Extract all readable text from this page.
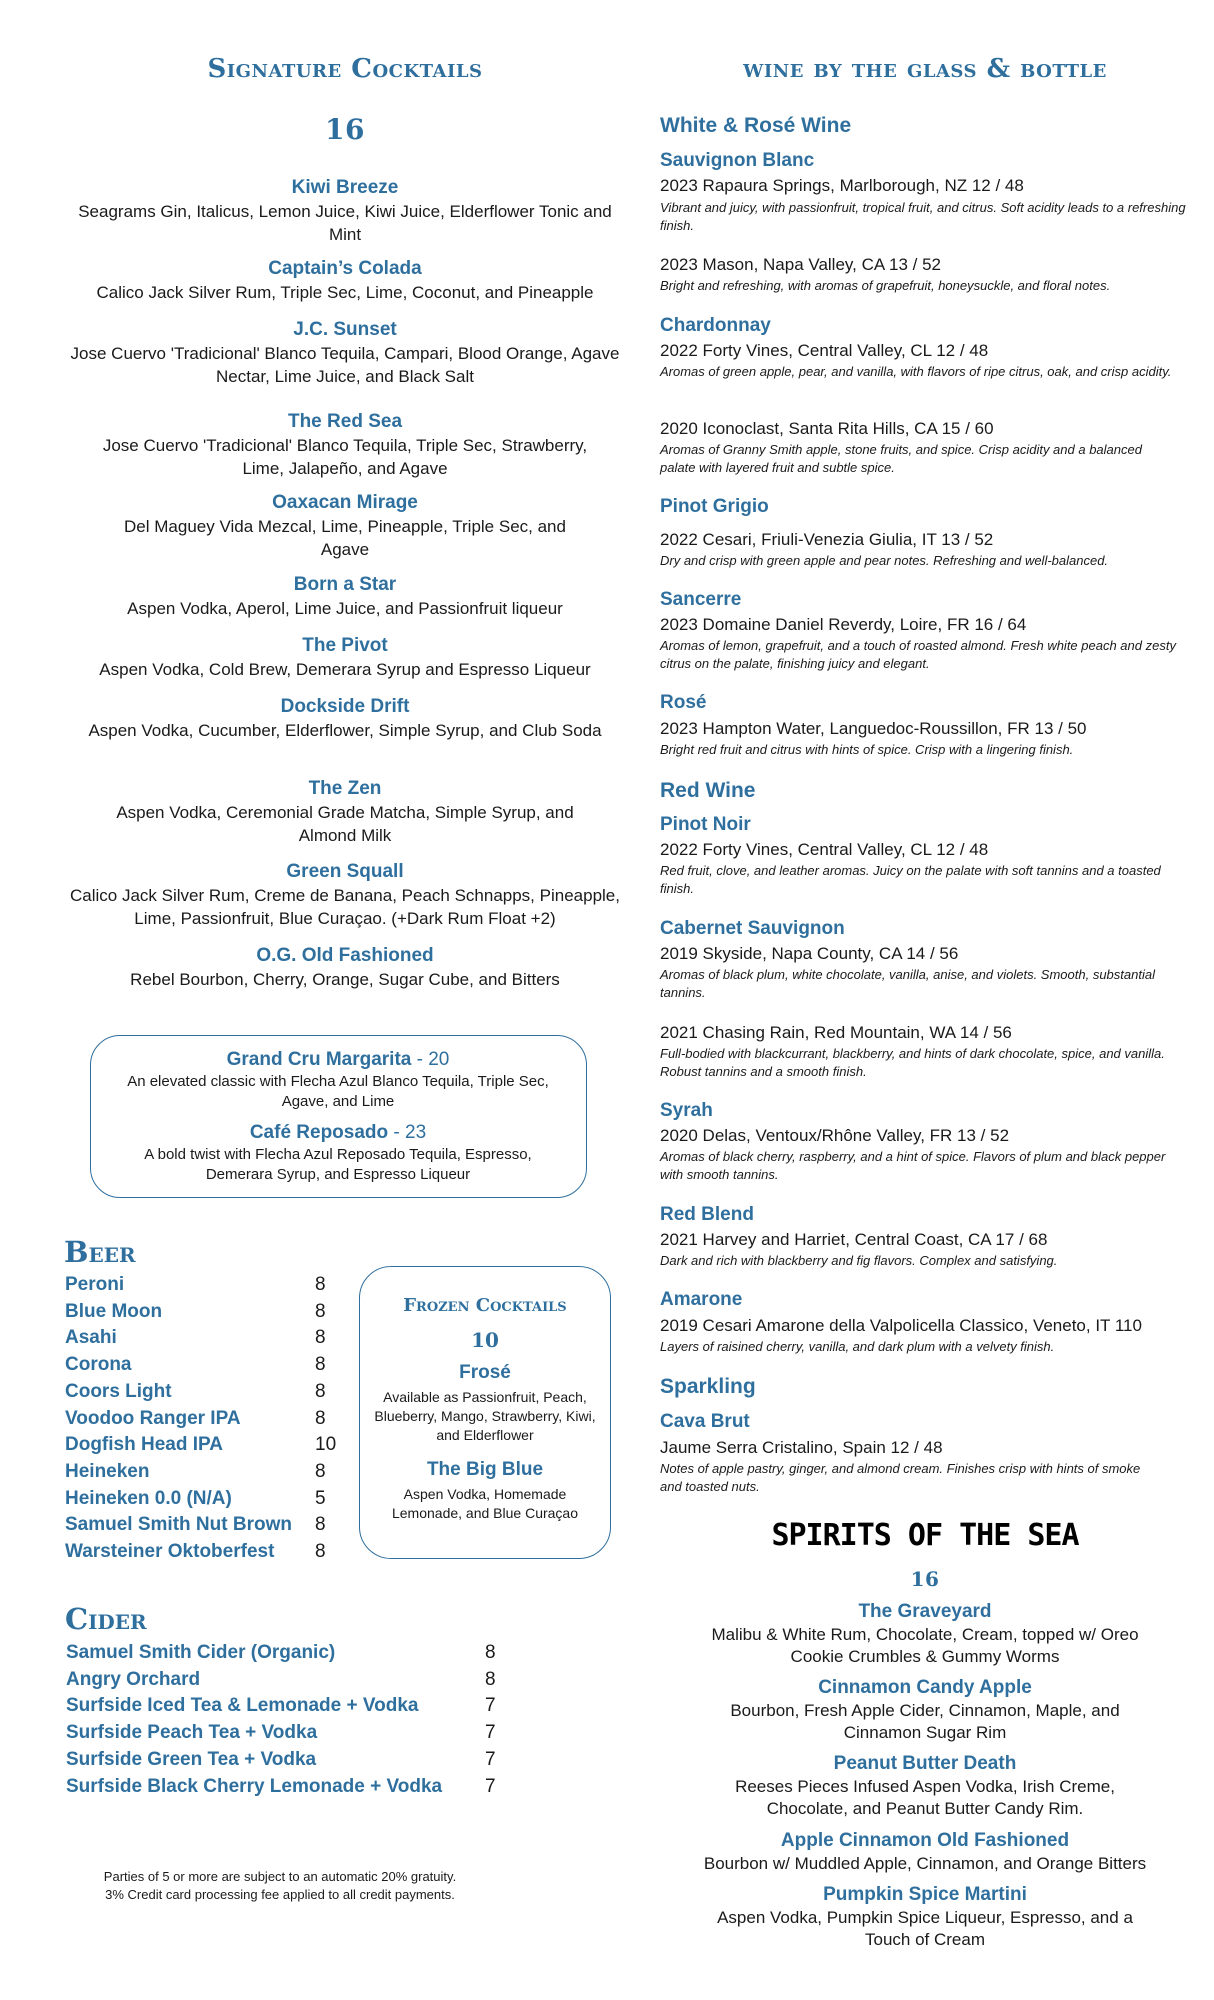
Signature Cocktails
16
Kiwi Breeze
Seagrams Gin, Italicus, Lemon Juice, Kiwi Juice, Elderflower Tonic and Mint
Captain’s Colada
Calico Jack Silver Rum, Triple Sec, Lime, Coconut, and Pineapple
J.C. Sunset
Jose Cuervo 'Tradicional' Blanco Tequila, Campari, Blood Orange, Agave Nectar, Lime Juice, and Black Salt
The Red Sea
Jose Cuervo 'Tradicional' Blanco Tequila, Triple Sec, Strawberry, Lime, Jalapeño, and Agave
Oaxacan Mirage
Del Maguey Vida Mezcal, Lime, Pineapple, Triple Sec, and Agave
Born a Star
Aspen Vodka, Aperol, Lime Juice, and Passionfruit liqueur
The Pivot
Aspen Vodka, Cold Brew, Demerara Syrup and Espresso Liqueur
Dockside Drift
Aspen Vodka, Cucumber, Elderflower, Simple Syrup, and Club Soda
The Zen
Aspen Vodka, Ceremonial Grade Matcha, Simple Syrup, and Almond Milk
Green Squall
Calico Jack Silver Rum, Creme de Banana, Peach Schnapps, Pineapple, Lime, Passionfruit, Blue Curaçao. (+Dark Rum Float +2)
O.G. Old Fashioned
Rebel Bourbon, Cherry, Orange, Sugar Cube, and Bitters
Grand Cru Margarita - 20
An elevated classic with Flecha Azul Blanco Tequila, Triple Sec, Agave, and Lime
Café Reposado - 23
A bold twist with Flecha Azul Reposado Tequila, Espresso, Demerara Syrup, and Espresso Liqueur
Beer
Peroni	8
Blue Moon	8
Asahi	8
Corona	8
Coors Light	8
Voodoo Ranger IPA	8
Dogfish Head IPA	10
Heineken	8
Heineken 0.0 (N/A)	5
Samuel Smith Nut Brown	8
Warsteiner Oktoberfest	8
Frozen Cocktails
10
Frosé
Available as Passionfruit, Peach, Blueberry, Mango, Strawberry, Kiwi, and Elderflower
The Big Blue
Aspen Vodka, Homemade Lemonade, and Blue Curaçao
Cider
Samuel Smith Cider (Organic)	8
Angry Orchard	8
Surfside Iced Tea & Lemonade + Vodka	7
Surfside Peach Tea + Vodka	7
Surfside Green Tea + Vodka	7
Surfside Black Cherry Lemonade + Vodka	7
Parties of 5 or more are subject to an automatic 20% gratuity.
3% Credit card processing fee applied to all credit payments.
wine by the glass & bottle
White & Rosé Wine
Sauvignon Blanc
2023 Rapaura Springs, Marlborough, NZ 12 / 48
Vibrant and juicy, with passionfruit, tropical fruit, and citrus. Soft acidity leads to a refreshing finish.
2023 Mason, Napa Valley, CA 13 / 52
Bright and refreshing, with aromas of grapefruit, honeysuckle, and floral notes.
Chardonnay
2022 Forty Vines, Central Valley, CL 12 / 48
Aromas of green apple, pear, and vanilla, with flavors of ripe citrus, oak, and crisp acidity.
2020 Iconoclast, Santa Rita Hills, CA 15 / 60
Aromas of Granny Smith apple, stone fruits, and spice. Crisp acidity and a balanced palate with layered fruit and subtle spice.
Pinot Grigio
2022 Cesari, Friuli-Venezia Giulia, IT 13 / 52
Dry and crisp with green apple and pear notes. Refreshing and well-balanced.
Sancerre
2023 Domaine Daniel Reverdy, Loire, FR 16 / 64
Aromas of lemon, grapefruit, and a touch of roasted almond. Fresh white peach and zesty citrus on the palate, finishing juicy and elegant.
Rosé
2023 Hampton Water, Languedoc-Roussillon, FR 13 / 50
Bright red fruit and citrus with hints of spice. Crisp with a lingering finish.
Red Wine
Pinot Noir
2022 Forty Vines, Central Valley, CL 12 / 48
Red fruit, clove, and leather aromas. Juicy on the palate with soft tannins and a toasted finish.
Cabernet Sauvignon
2019 Skyside, Napa County, CA 14 / 56
Aromas of black plum, white chocolate, vanilla, anise, and violets. Smooth, substantial tannins.
2021 Chasing Rain, Red Mountain, WA 14 / 56
Full-bodied with blackcurrant, blackberry, and hints of dark chocolate, spice, and vanilla. Robust tannins and a smooth finish.
Syrah
2020 Delas, Ventoux/Rhône Valley, FR 13 / 52
Aromas of black cherry, raspberry, and a hint of spice. Flavors of plum and black pepper with smooth tannins.
Red Blend
2021 Harvey and Harriet, Central Coast, CA 17 / 68
Dark and rich with blackberry and fig flavors. Complex and satisfying.
Amarone
2019 Cesari Amarone della Valpolicella Classico, Veneto, IT 110
Layers of raisined cherry, vanilla, and dark plum with a velvety finish.
Sparkling
Cava Brut
Jaume Serra Cristalino, Spain 12 / 48
Notes of apple pastry, ginger, and almond cream. Finishes crisp with hints of smoke and toasted nuts.
SPIRITS OF THE SEA
16
The Graveyard
Malibu & White Rum, Chocolate, Cream, topped w/ Oreo Cookie Crumbles & Gummy Worms
Cinnamon Candy Apple
Bourbon, Fresh Apple Cider, Cinnamon, Maple, and Cinnamon Sugar Rim
Peanut Butter Death
Reeses Pieces Infused Aspen Vodka, Irish Creme, Chocolate, and Peanut Butter Candy Rim.
Apple Cinnamon Old Fashioned
Bourbon w/ Muddled Apple, Cinnamon, and Orange Bitters
Pumpkin Spice Martini
Aspen Vodka, Pumpkin Spice Liqueur, Espresso, and a Touch of Cream
